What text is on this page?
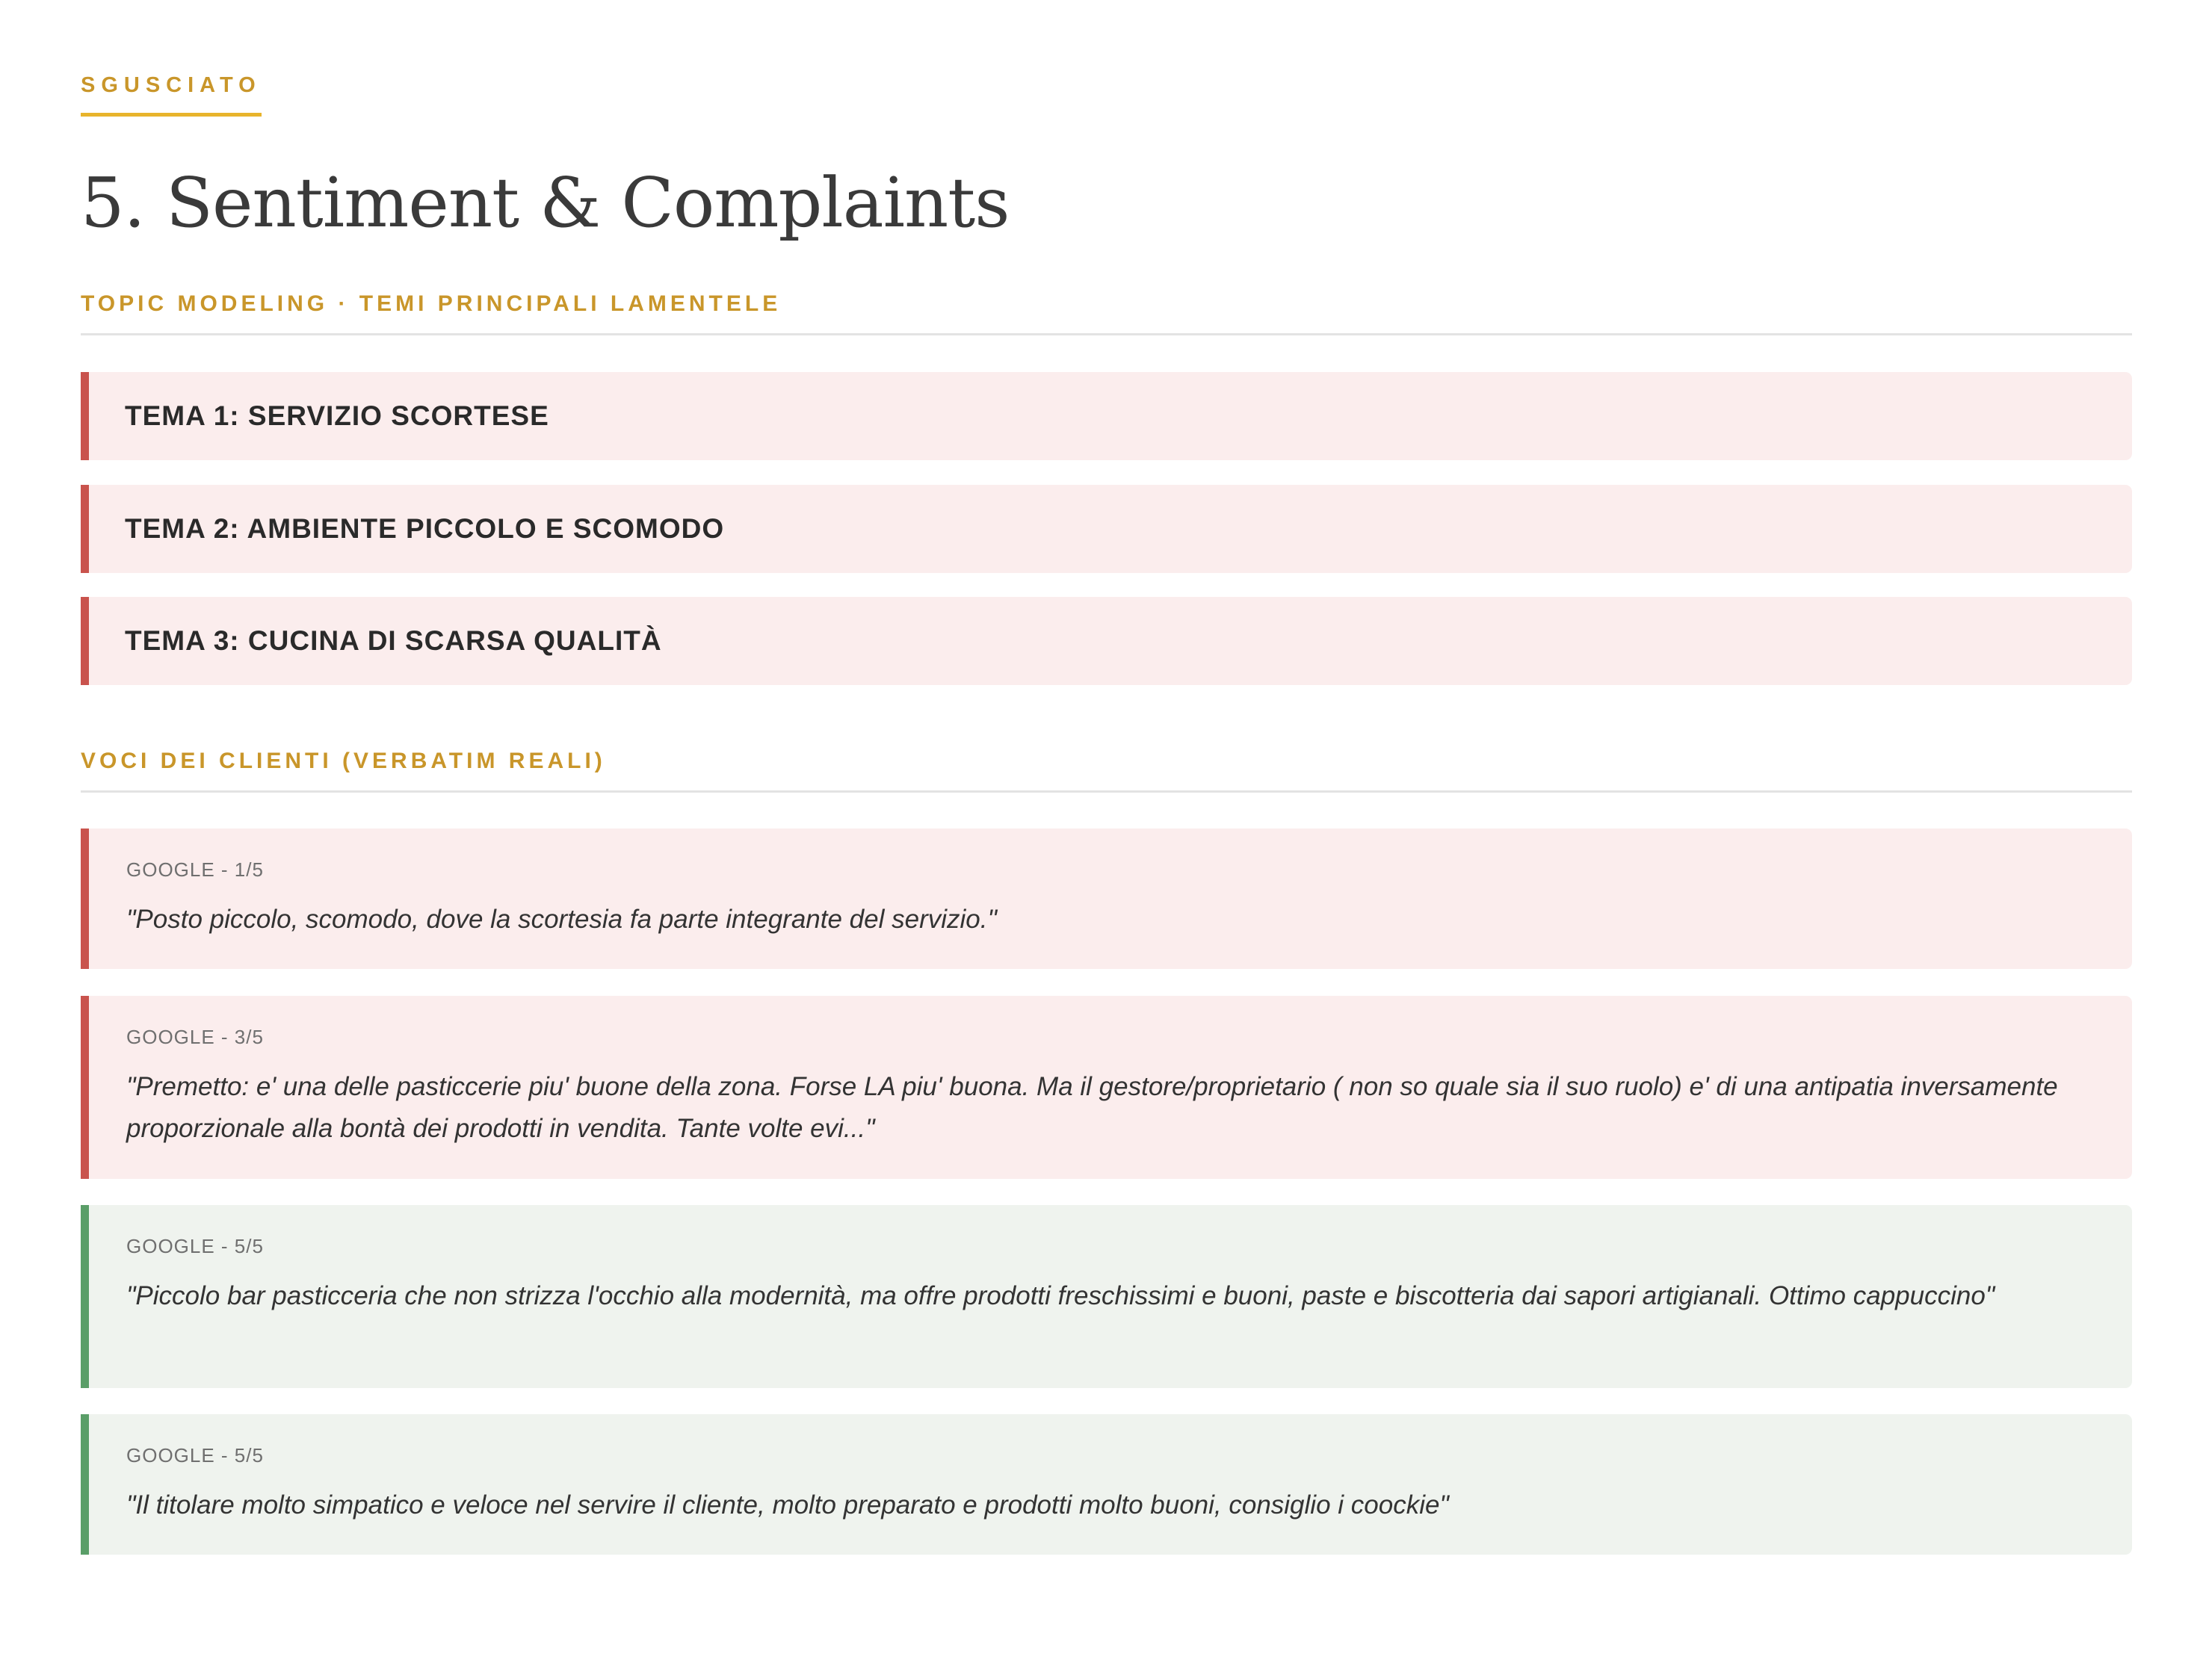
SGUSCIATO
5. Sentiment & Complaints
TOPIC MODELING · TEMI PRINCIPALI LAMENTELE
TEMA 1: SERVIZIO SCORTESE
TEMA 2: AMBIENTE PICCOLO E SCOMODO
TEMA 3: CUCINA DI SCARSA QUALITÀ
VOCI DEI CLIENTI (VERBATIM REALI)
GOOGLE - 1/5
"Posto piccolo, scomodo, dove la scortesia fa parte integrante del servizio."
GOOGLE - 3/5
"Premetto: e' una delle pasticcerie piu' buone della zona. Forse LA piu' buona. Ma il gestore/proprietario ( non so quale sia il suo ruolo) e' di una antipatia inversamente proporzionale alla bontà dei prodotti in vendita. Tante volte evi..."
GOOGLE - 5/5
"Piccolo bar pasticceria che non strizza l'occhio alla modernità, ma offre prodotti freschissimi e buoni, paste e biscotteria dai sapori artigianali. Ottimo cappuccino"
GOOGLE - 5/5
"Il titolare molto simpatico e veloce nel servire il cliente, molto preparato e prodotti molto buoni, consiglio i coockie"
